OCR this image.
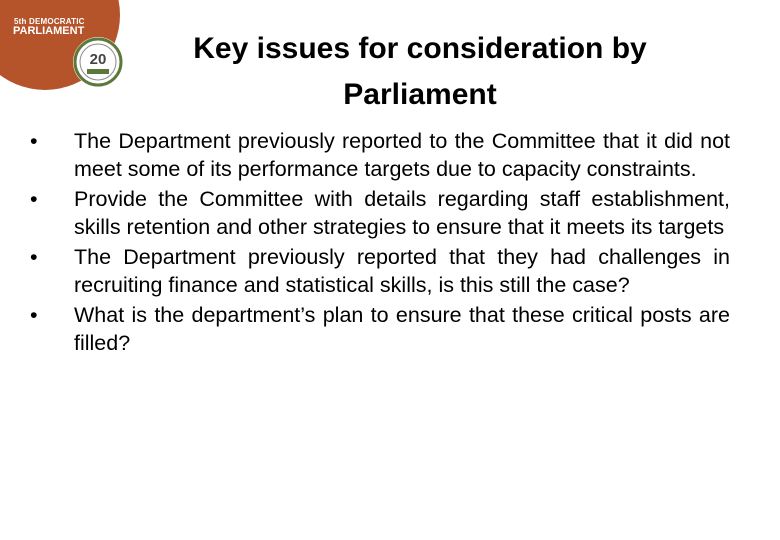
5th DEMOCRATIC
PARLIAMENT
20	Key issues for consideration by
Parliament
•	The Department previously reported to the Committee that it did not meet some of its performance targets due to capacity constraints.
•	Provide the Committee with details regarding staff establishment, skills retention and other strategies to ensure that it meets its targets
•	The Department previously reported that they had challenges in recruiting finance and statistical skills, is this still the case?
•	What is the department’s plan to ensure that these critical posts are filled?
